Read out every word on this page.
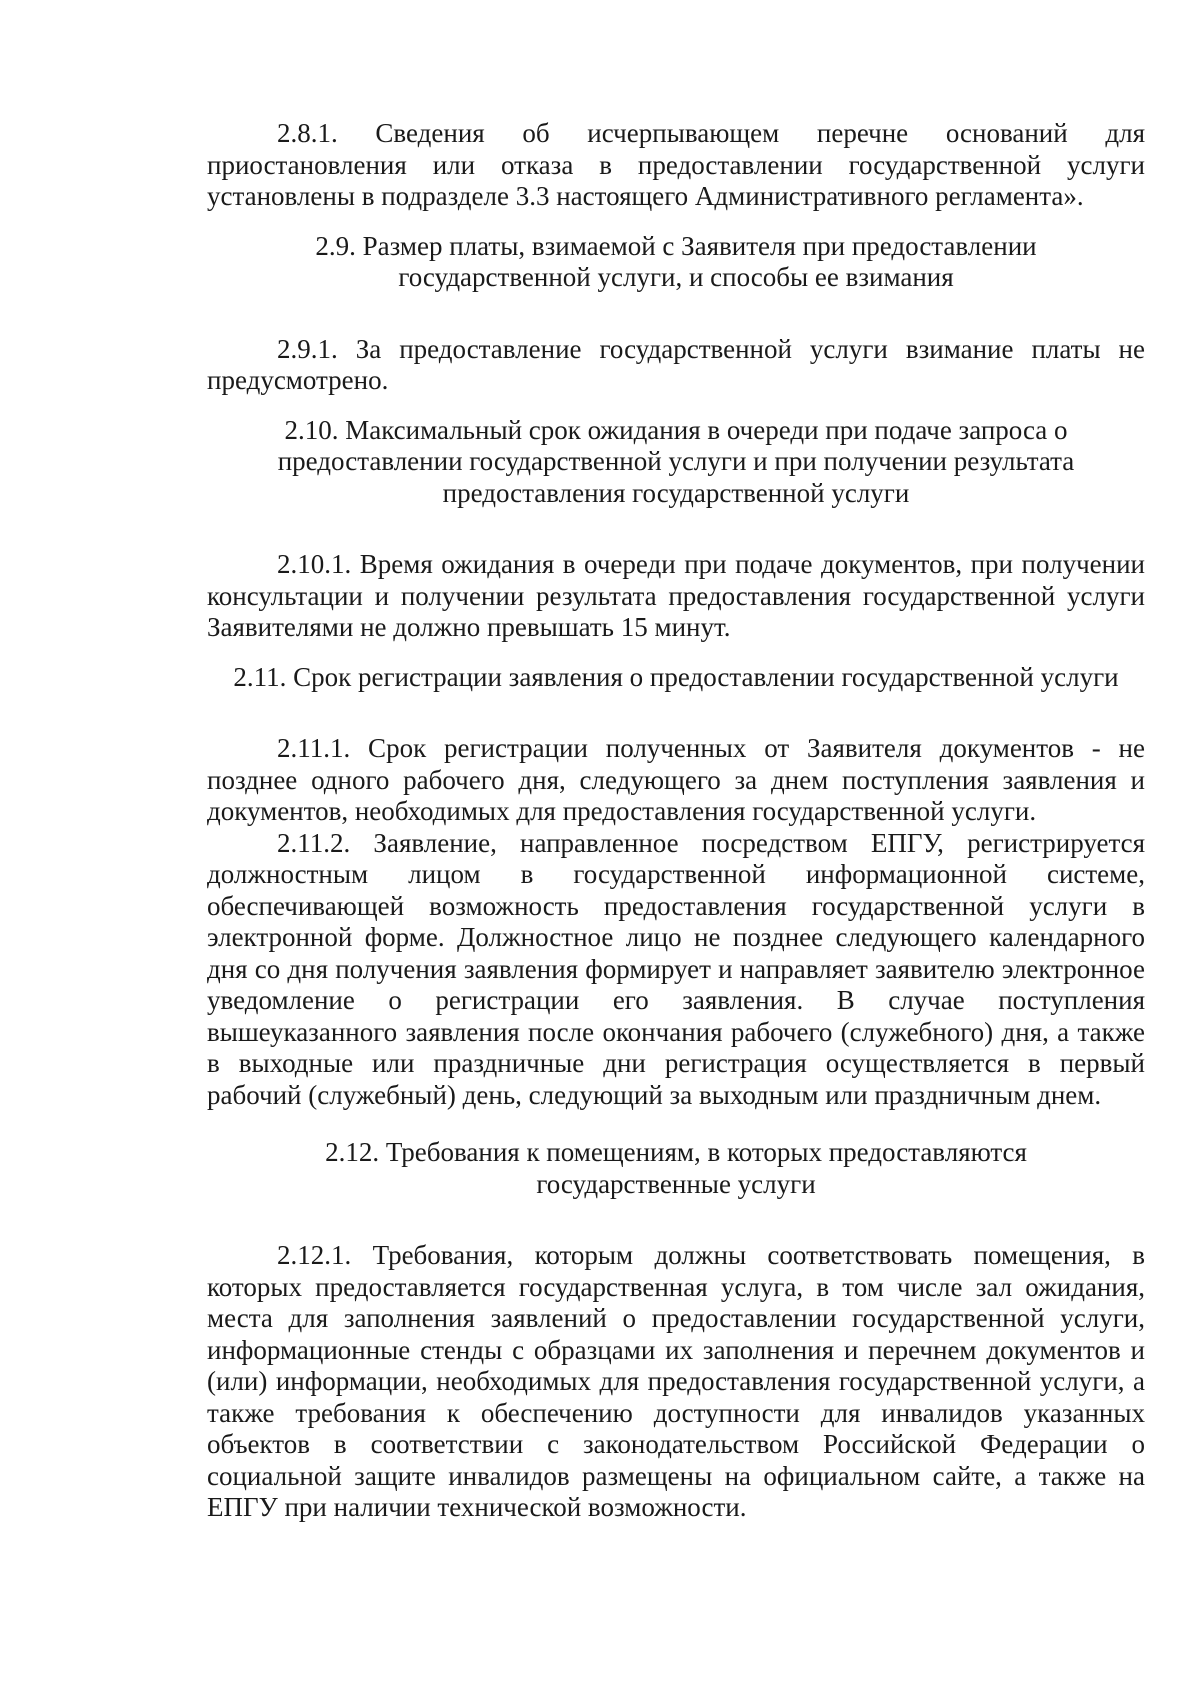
2.8.1. Сведения об исчерпывающем перечне оснований для приостановления или отказа в предоставлении государственной услуги установлены в подразделе 3.3 настоящего Административного регламента».

2.9. Размер платы, взимаемой с Заявителя при предоставлении
государственной услуги, и способы ее взимания

2.9.1. За предоставление государственной услуги взимание платы не предусмотрено.

2.10. Максимальный срок ожидания в очереди при подаче запроса о
предоставлении государственной услуги и при получении результата
предоставления государственной услуги

2.10.1. Время ожидания в очереди при подаче документов, при получении консультации и получении результата предоставления государственной услуги Заявителями не должно превышать 15 минут.

2.11. Срок регистрации заявления о предоставлении государственной услуги

2.11.1. Срок регистрации полученных от Заявителя документов - не позднее одного рабочего дня, следующего за днем поступления заявления и документов, необходимых для предоставления государственной услуги.

2.11.2. Заявление, направленное посредством ЕПГУ, регистрируется должностным лицом в государственной информационной системе, обеспечивающей возможность предоставления государственной услуги в электронной форме. Должностное лицо не позднее следующего календарного дня со дня получения заявления формирует и направляет заявителю электронное уведомление о регистрации его заявления. В случае поступления вышеуказанного заявления после окончания рабочего (служебного) дня, а также в выходные или праздничные дни регистрация осуществляется в первый рабочий (служебный) день, следующий за выходным или праздничным днем.

2.12. Требования к помещениям, в которых предоставляются
государственные услуги

2.12.1. Требования, которым должны соответствовать помещения, в которых предоставляется государственная услуга, в том числе зал ожидания, места для заполнения заявлений о предоставлении государственной услуги, информационные стенды с образцами их заполнения и перечнем документов и (или) информации, необходимых для предоставления государственной услуги, а также требования к обеспечению доступности для инвалидов указанных объектов в соответствии с законодательством Российской Федерации о социальной защите инвалидов размещены на официальном сайте, а также на ЕПГУ при наличии технической возможности.
